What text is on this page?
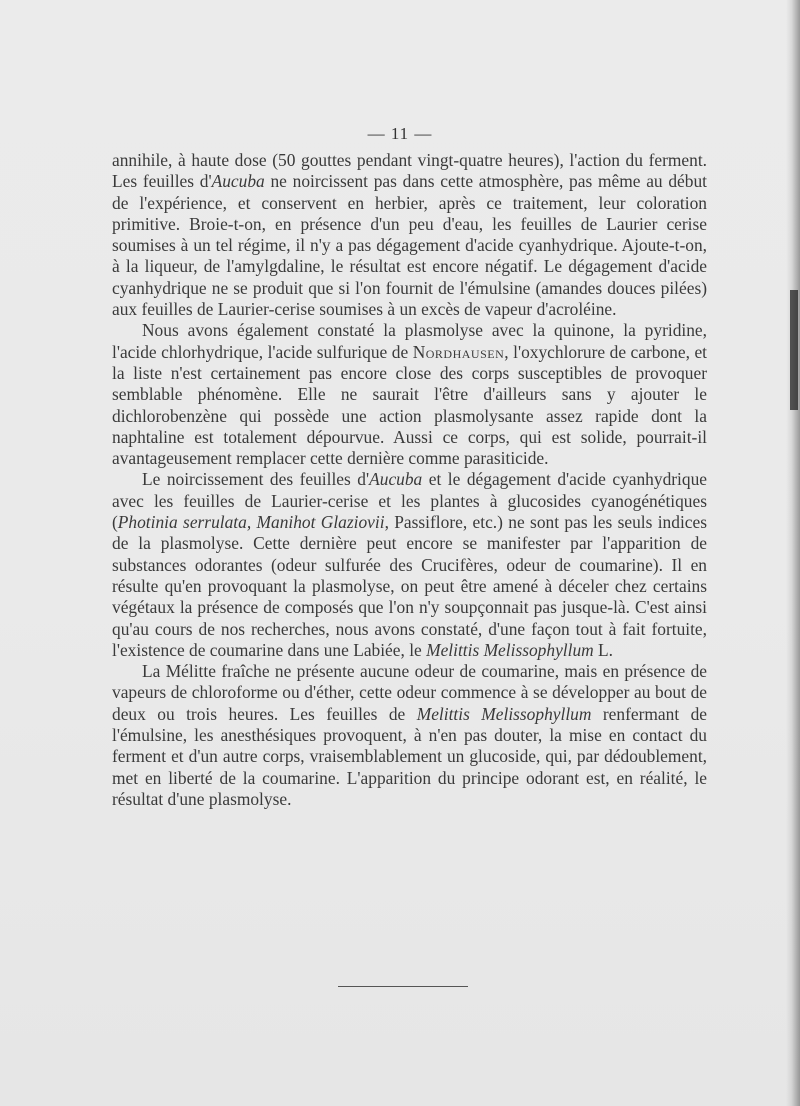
— 11 —

annihile, à haute dose (50 gouttes pendant vingt-quatre heures), l'action du ferment. Les feuilles d'Aucuba ne noircissent pas dans cette atmosphère, pas même au début de l'expérience, et conservent en herbier, après ce traitement, leur coloration primitive. Broie-t-on, en présence d'un peu d'eau, les feuilles de Laurier cerise soumises à un tel régime, il n'y a pas dégagement d'acide cyanhydrique. Ajoute-t-on, à la liqueur, de l'amylgdaline, le résultat est encore négatif. Le dégagement d'acide cyanhydrique ne se produit que si l'on fournit de l'émulsine (amandes douces pilées) aux feuilles de Laurier-cerise soumises à un excès de vapeur d'acroléine.

Nous avons également constaté la plasmolyse avec la quinone, la pyridine, l'acide chlorhydrique, l'acide sulfurique de Nordhausen, l'oxychlorure de carbone, et la liste n'est certainement pas encore close des corps susceptibles de provoquer semblable phénomène. Elle ne saurait l'être d'ailleurs sans y ajouter le dichlorobenzène qui possède une action plasmolysante assez rapide dont la naphtaline est totalement dépourvue. Aussi ce corps, qui est solide, pourrait-il avantageusement remplacer cette dernière comme parasiticide.

Le noircissement des feuilles d'Aucuba et le dégagement d'acide cyanhydrique avec les feuilles de Laurier-cerise et les plantes à glucosides cyanogénétiques (Photinia serrulata, Manihot Glaziovii, Passiflore, etc.) ne sont pas les seuls indices de la plasmolyse. Cette dernière peut encore se manifester par l'apparition de substances odorantes (odeur sulfurée des Crucifères, odeur de coumarine). Il en résulte qu'en provoquant la plasmolyse, on peut être amené à déceler chez certains végétaux la présence de composés que l'on n'y soupçonnait pas jusque-là. C'est ainsi qu'au cours de nos recherches, nous avons constaté, d'une façon tout à fait fortuite, l'existence de coumarine dans une Labiée, le Melittis Melissophyllum L.

La Mélitte fraîche ne présente aucune odeur de coumarine, mais en présence de vapeurs de chloroforme ou d'éther, cette odeur commence à se développer au bout de deux ou trois heures. Les feuilles de Melittis Melissophyllum renfermant de l'émulsine, les anesthésiques provoquent, à n'en pas douter, la mise en contact du ferment et d'un autre corps, vraisemblablement un glucoside, qui, par dédoublement, met en liberté de la coumarine. L'apparition du principe odorant est, en réalité, le résultat d'une plasmolyse.
